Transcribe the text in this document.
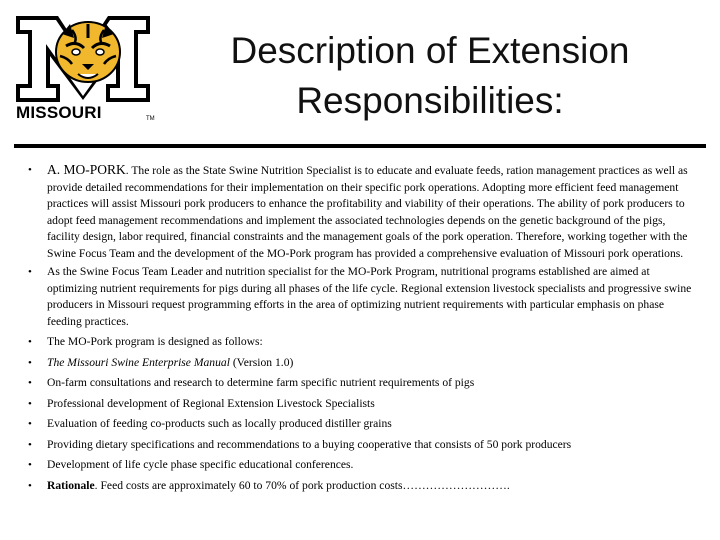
MISSOURI	TM
Description of Extension
Responsibilities:
• A. MO-PORK. The role as the State Swine Nutrition Specialist is to educate and evaluate feeds, ration management practices as well as provide detailed recommendations for their implementation on their specific pork operations. Adopting more efficient feed management practices will assist Missouri pork producers to enhance the profitability and viability of their operations. The ability of pork producers to adopt feed management recommendations and implement the associated technologies depends on the genetic background of the pigs, facility design, labor required, financial constraints and the management goals of the pork operation. Therefore, working together with the Swine Focus Team and the development of the MO-Pork program has provided a comprehensive evaluation of Missouri pork operations.
• As the Swine Focus Team Leader and nutrition specialist for the MO-Pork Program, nutritional programs established are aimed at optimizing nutrient requirements for pigs during all phases of the life cycle. Regional extension livestock specialists and progressive swine producers in Missouri request programming efforts in the area of optimizing nutrient requirements with particular emphasis on phase feeding practices.
• The MO-Pork program is designed as follows:
• The Missouri Swine Enterprise Manual (Version 1.0)
• On-farm consultations and research to determine farm specific nutrient requirements of pigs
• Professional development of Regional Extension Livestock Specialists
• Evaluation of feeding co-products such as locally produced distiller grains
• Providing dietary specifications and recommendations to a buying cooperative that consists of 50 pork producers
• Development of life cycle phase specific educational conferences.
• Rationale. Feed costs are approximately 60 to 70% of pork production costs……………………….
